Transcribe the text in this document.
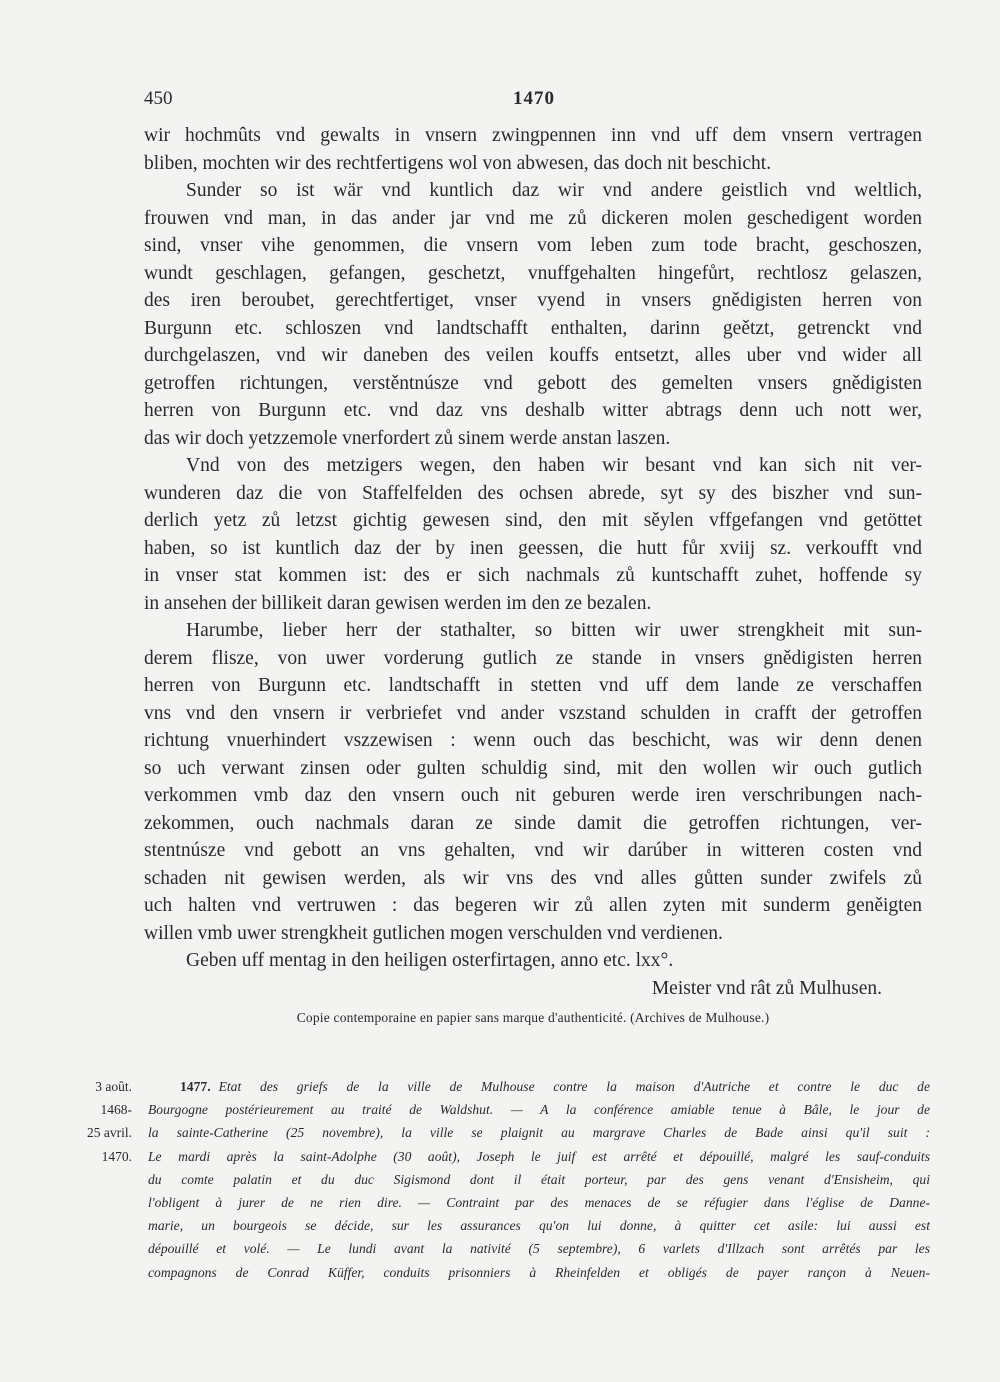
450	1470
wir hochmûts vnd gewalts in vnsern zwingpennen inn vnd uff dem vnsern vertragen
bliben, mochten wir des rechtfertigens wol von abwesen, das doch nit beschicht.
Sunder so ist wär vnd kuntlich daz wir vnd andere geistlich vnd weltlich,
frouwen vnd man, in das ander jar vnd me zů dickeren molen geschedigent worden
sind, vnser vihe genommen, die vnsern vom leben zum tode bracht, geschoszen,
wundt geschlagen, gefangen, geschetzt, vnuffgehalten hingefůrt, rechtlosz gelaszen,
des iren beroubet, gerechtfertiget, vnser vyend in vnsers gnědigisten herren von
Burgunn etc. schloszen vnd landtschafft enthalten, darinn geětzt, getrenckt vnd
durchgelaszen, vnd wir daneben des veilen kouffs entsetzt, alles uber vnd wider all
getroffen richtungen, verstěntnúsze vnd gebott des gemelten vnsers gnědigisten
herren von Burgunn etc. vnd daz vns deshalb witter abtrags denn uch nott wer,
das wir doch yetzzemole vnerfordert zů sinem werde anstan laszen.
Vnd von des metzigers wegen, den haben wir besant vnd kan sich nit ver-
wunderen daz die von Staffelfelden des ochsen abrede, syt sy des biszher vnd sun-
derlich yetz zů letzst gichtig gewesen sind, den mit sěylen vffgefangen vnd getöttet
haben, so ist kuntlich daz der by inen geessen, die hutt fůr xviij sz. verkoufft vnd
in vnser stat kommen ist: des er sich nachmals zů kuntschafft zuhet, hoffende sy
in ansehen der billikeit daran gewisen werden im den ze bezalen.
Harumbe, lieber herr der stathalter, so bitten wir uwer strengkheit mit sun-
derem flisze, von uwer vorderung gutlich ze stande in vnsers gnědigisten herren
herren von Burgunn etc. landtschafft in stetten vnd uff dem lande ze verschaffen
vns vnd den vnsern ir verbriefet vnd ander vszstand schulden in crafft der getroffen
richtung vnuerhindert vszzewisen : wenn ouch das beschicht, was wir denn denen
so uch verwant zinsen oder gulten schuldig sind, mit den wollen wir ouch gutlich
verkommen vmb daz den vnsern ouch nit geburen werde iren verschribungen nach-
zekommen, ouch nachmals daran ze sinde damit die getroffen richtungen, ver-
stentnúsze vnd gebott an vns gehalten, vnd wir darúber in witteren costen vnd
schaden nit gewisen werden, als wir vns des vnd alles gůtten sunder zwifels zů
uch halten vnd vertruwen : das begeren wir zů allen zyten mit sunderm geněigten
willen vmb uwer strengkheit gutlichen mogen verschulden vnd verdienen.
Geben uff mentag in den heiligen osterfirtagen, anno etc. lxx°.
Meister vnd rât zů Mulhusen.
Copie contemporaine en papier sans marque d'authenticité. (Archives de Mulhouse.)
3 août.
1468-
25 avril.
1470.
1477. Etat des griefs de la ville de Mulhouse contre la maison d'Autriche et contre le duc de
Bourgogne postérieurement au traité de Waldshut. — A la conférence amiable tenue à Bâle, le jour de
la sainte-Catherine (25 novembre), la ville se plaignit au margrave Charles de Bade ainsi qu'il suit :
Le mardi après la saint-Adolphe (30 août), Joseph le juif est arrêté et dépouillé, malgré les sauf-conduits
du comte palatin et du duc Sigismond dont il était porteur, par des gens venant d'Ensisheim, qui
l'obligent à jurer de ne rien dire. — Contraint par des menaces de se réfugier dans l'église de Danne-
marie, un bourgeois se décide, sur les assurances qu'on lui donne, à quitter cet asile: lui aussi est
dépouillé et volé. — Le lundi avant la nativité (5 septembre), 6 varlets d'Illzach sont arrêtés par les
compagnons de Conrad Küffer, conduits prisonniers à Rheinfelden et obligés de payer rançon à Neuen-
